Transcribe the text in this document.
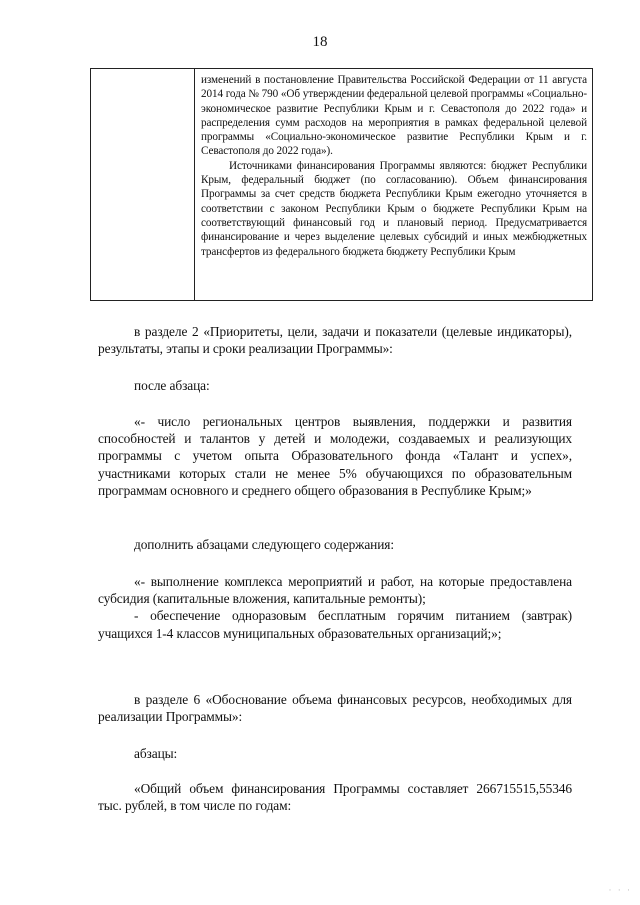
18

изменений в постановление Правительства Российской Федерации от 11 августа 2014 года № 790 «Об утверждении федеральной целевой программы «Социально-экономическое развитие Республики Крым и г. Севастополя до 2022 года» и распределения сумм расходов на мероприятия в рамках федеральной целевой программы «Социально-экономическое развитие Республики Крым и г. Севастополя до 2022 года»).

Источниками финансирования Программы являются: бюджет Республики Крым, федеральный бюджет (по согласованию). Объем финансирования Программы за счет средств бюджета Республики Крым ежегодно уточняется в соответствии с законом Республики Крым о бюджете Республики Крым на соответствующий финансовый год и плановый период. Предусматривается финансирование и через выделение целевых субсидий и иных межбюджетных трансфертов из федерального бюджета бюджету Республики Крым

в разделе 2 «Приоритеты, цели, задачи и показатели (целевые индикаторы), результаты, этапы и сроки реализации Программы»:

после абзаца:

«- число региональных центров выявления, поддержки и развития способностей и талантов у детей и молодежи, создаваемых и реализующих программы с учетом опыта Образовательного фонда «Талант и успех», участниками которых стали не менее 5% обучающихся по образовательным программам основного и среднего общего образования в Республике Крым;»

дополнить абзацами следующего содержания:

«- выполнение комплекса мероприятий и работ, на которые предоставлена субсидия (капитальные вложения, капитальные ремонты);

- обеспечение одноразовым бесплатным горячим питанием (завтрак) учащихся 1-4 классов муниципальных образовательных организаций;»;

в разделе 6 «Обоснование объема финансовых ресурсов, необходимых для реализации Программы»:

абзацы:

«Общий объем финансирования Программы составляет 266715515,55346 тыс. рублей, в том числе по годам:

· · ·
